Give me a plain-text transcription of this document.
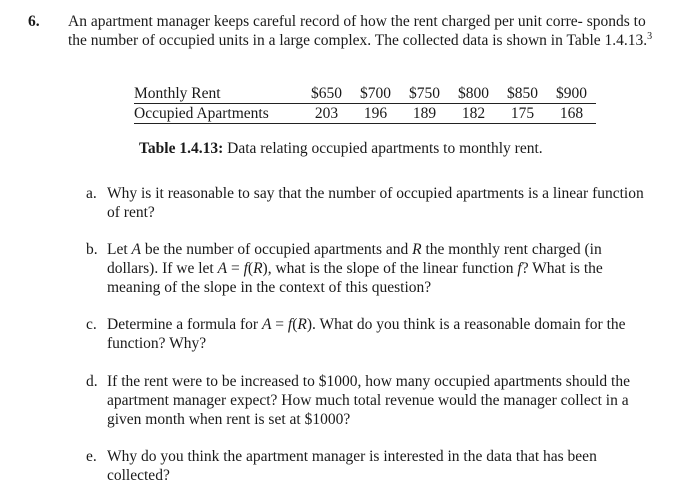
6. An apartment manager keeps careful record of how the rent charged per unit corre- sponds to the number of occupied units in a large complex. The collected data is shown in Table 1.4.13.$^3$

Monthly Rent	$650	$700	$750	$800	$850	$900
Occupied Apartments	203	196	189	182	175	168

Table 1.4.13: Data relating occupied apartments to monthly rent.

a. Why is it reasonable to say that the number of occupied apartments is a linear function of rent?
b. Let A be the number of occupied apartments and R the monthly rent charged (in dollars). If we let A = f(R), what is the slope of the linear function f? What is the meaning of the slope in the context of this question?
c. Determine a formula for A = f(R). What do you think is a reasonable domain for the function? Why?
d. If the rent were to be increased to $1000, how many occupied apartments should the apartment manager expect? How much total revenue would the manager collect in a given month when rent is set at $1000?
e. Why do you think the apartment manager is interested in the data that has been collected?
